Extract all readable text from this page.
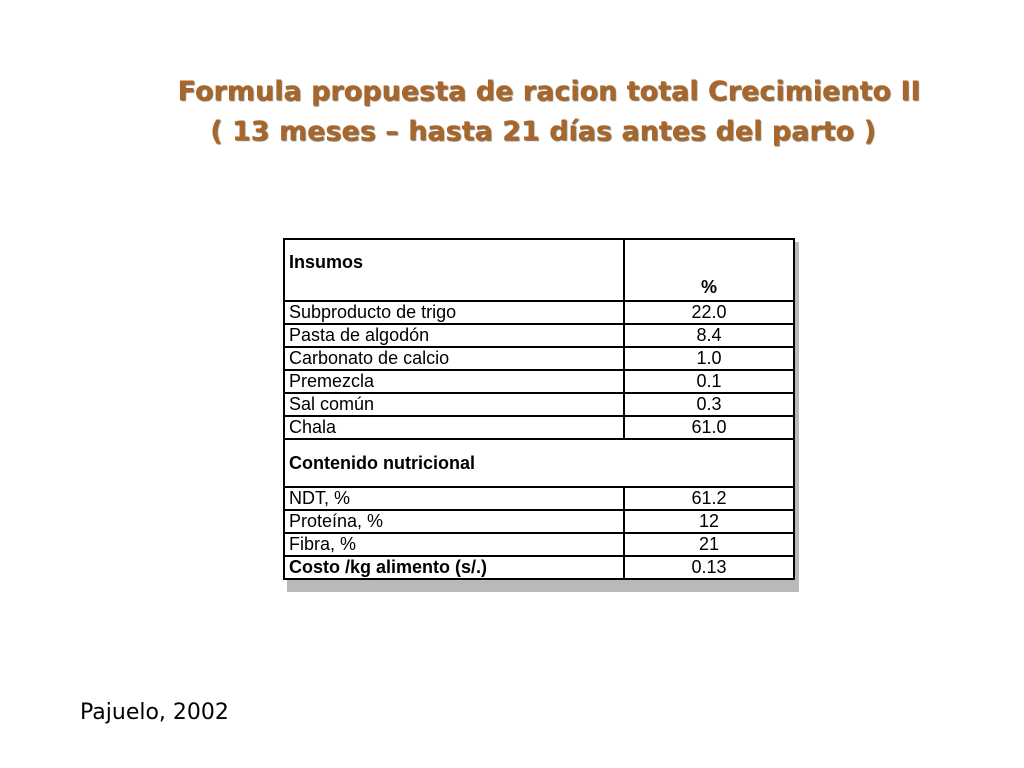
Formula propuesta de racion total Crecimiento II
( 13 meses – hasta 21 días antes del parto )
Insumos	%
Subproducto de trigo	22.0
Pasta de algodón	8.4
Carbonato de calcio	1.0
Premezcla	0.1
Sal común	0.3
Chala	61.0
Contenido nutricional	
NDT, %	61.2
Proteína, %	12
Fibra, %	21
Costo /kg alimento (s/.)	0.13
Pajuelo, 2002
